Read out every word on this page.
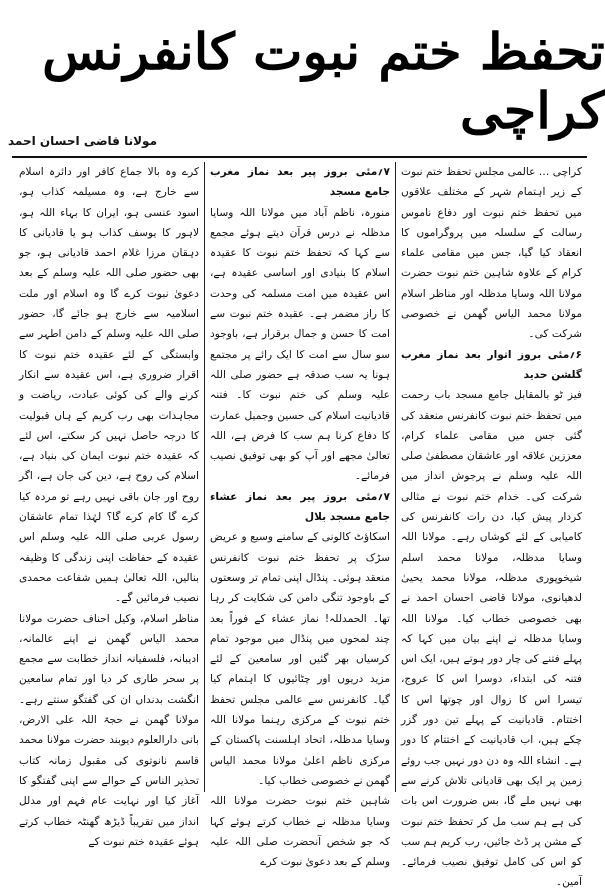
تحفظ ختم نبوت کانفرنس کراچی
مولانا قاضی احسان احمد

کراچی … عالمی مجلس تحفظ ختم نبوت کے زیر اہتمام شہر کے مختلف علاقوں میں تحفظ ختم نبوت اور دفاع ناموس رسالت کے سلسلہ میں پروگراموں کا انعقاد کیا گیا، جس میں مقامی علماء کرام کے علاوہ شاہین ختم نبوت حضرت مولانا اللہ وسایا مدظلہ اور مناظر اسلام مولانا محمد الیاس گھمن نے خصوصی شرکت کی۔

۶؍مئی بروز اتوار بعد نماز مغرب گلشن حدید

فیز ٹو بالمقابل جامع مسجد باب رحمت میں تحفظ ختم نبوت کانفرنس منعقد کی گئی جس میں مقامی علماء کرام، معززین علاقہ اور عاشقان مصطفیٰ صلی اللہ علیہ وسلم نے پرجوش انداز میں شرکت کی۔ خدام ختم نبوت نے مثالی کردار پیش کیا، دن رات کانفرنس کی کامیابی کے لئے کوشاں رہے۔ مولانا اللہ وسایا مدظلہ، مولانا محمد اسلم شیخوپوری مدظلہ، مولانا محمد یحییٰ لدھیانوی، مولانا قاضی احسان احمد نے بھی خصوصی خطاب کیا۔ مولانا اللہ وسایا مدظلہ نے اپنے بیان میں کہا کہ پہلے فتنے کی چار دور ہوتے ہیں، ایک اس فتنہ کی ابتداء، دوسرا اس کا عروج، تیسرا اس کا زوال اور چوتھا اس کا اختتام۔ قادیانیت کے پہلے تین دور گزر چکے ہیں، اب قادیانیت کے اختتام کا دور ہے۔ انشاء اللہ وہ دن دور نہیں جب روئے زمین پر ایک بھی قادیانی تلاش کرنے سے بھی نہیں ملے گا، بس ضرورت اس بات کی ہے ہم سب مل کر تحفظ ختم نبوت کے مشن پر ڈٹ جائیں، رب کریم ہم سب کو اس کی کامل توفیق نصیب فرمائے۔ آمین۔

۷؍مئی بروز پیر بعد نماز مغرب جامع مسجد

منورہ، ناظم آباد میں مولانا اللہ وسایا مدظلہ نے درس قرآن دیتے ہوئے مجمع سے کہا کہ تحفظ ختم نبوت کا عقیدہ اسلام کا بنیادی اور اساسی عقیدہ ہے، اس عقیدہ میں امت مسلمہ کی وحدت کا راز مضمر ہے۔ عقیدہ ختم نبوت سے امت کا حسن و جمال برقرار ہے، باوجود سو سال سے امت کا ایک رائے پر مجتمع ہونا یہ سب صدقہ ہے حضور صلی اللہ علیہ وسلم کی ختم نبوت کا۔ فتنہ قادیانیت اسلام کی حسین وجمیل عمارت کا دفاع کرنا ہم سب کا فرض ہے، اللہ تعالیٰ مجھے اور آپ کو بھی توفیق نصیب فرمائے۔

۷؍مئی بروز پیر بعد نماز عشاء جامع مسجد بلال

اسکاؤٹ کالونی کے سامنے وسیع و عریض سڑک پر تحفظ ختم نبوت کانفرنس منعقد ہوئی۔ پنڈال اپنی تمام تر وسعتوں کے باوجود تنگی دامن کی شکایت کر رہا تھا۔ الحمدللہ! نماز عشاء کے فوراً بعد چند لمحوں میں پنڈال میں موجود تمام کرسیاں بھر گئیں اور سامعین کے لئے مزید دریوں اور چٹائیوں کا اہتمام کیا گیا۔ کانفرنس سے عالمی مجلس تحفظ ختم نبوت کے مرکزی رہنما مولانا اللہ وسایا مدظلہ، اتحاد اہلسنت پاکستان کے مرکزی ناظم اعلیٰ مولانا محمد الیاس گھمن نے خصوصی خطاب کیا۔

شاہین ختم نبوت حضرت مولانا اللہ وسایا مدظلہ نے خطاب کرتے ہوئے کہا کہ جو شخص آنحضرت صلی اللہ علیہ وسلم کے بعد دعویٰ نبوت کرے

کرے وہ بالا جماع کافر اور دائرہ اسلام سے خارج ہے، وہ مسیلمہ کذاب ہو، اسود عنسی ہو، ایران کا بہاء اللہ ہو، لاہور کا یوسف کذاب ہو یا قادیانی کا دہقان مرزا غلام احمد قادیانی ہو، جو بھی حضور صلی اللہ علیہ وسلم کے بعد دعویٰ نبوت کرے گا وہ اسلام اور ملت اسلامیہ سے خارج ہو جائے گا، حضور صلی اللہ علیہ وسلم کے دامن اطہر سے وابستگی کے لئے عقیدہ ختم نبوت کا اقرار ضروری ہے، اس عقیدہ سے انکار کرنے والے کی کوئی عبادت، ریاضت و مجاہدات بھی رب کریم کے ہاں قبولیت کا درجہ حاصل نہیں کر سکتے، اس لئے کہ عقیدہ ختم نبوت ایمان کی بنیاد ہے، اسلام کی روح ہے، دین کی جان ہے، اگر روح اور جان باقی نہیں رہے تو مردہ کیا کرے گا کام کرے گا؟ لہٰذا تمام عاشقان رسول عربی صلی اللہ علیہ وسلم اس عقیدہ کے حفاظت اپنی زندگی کا وظیفہ بنالیں، اللہ تعالیٰ ہمیں شفاعت محمدی نصیب فرمائیں گے۔

مناظر اسلام، وکیل احناف حضرت مولانا محمد الیاس گھمن نے اپنے عالمانہ، ادیبانہ، فلسفیانہ انداز خطابت سے مجمع پر سحر طاری کر دیا اور تمام سامعین انگشت بدنداں ان کی گفتگو سنتے رہے۔ مولانا گھمن نے حجۃ اللہ علی الارض، بانی دارالعلوم دیوبند حضرت مولانا محمد قاسم نانوتوی کی مقبول زمانہ کتاب تحذیر الناس کے حوالے سے اپنی گفتگو کا آغاز کیا اور نہایت عام فہم اور مدلل انداز میں تقریباً ڈیڑھ گھنٹہ خطاب کرتے ہوئے عقیدہ ختم نبوت کے
